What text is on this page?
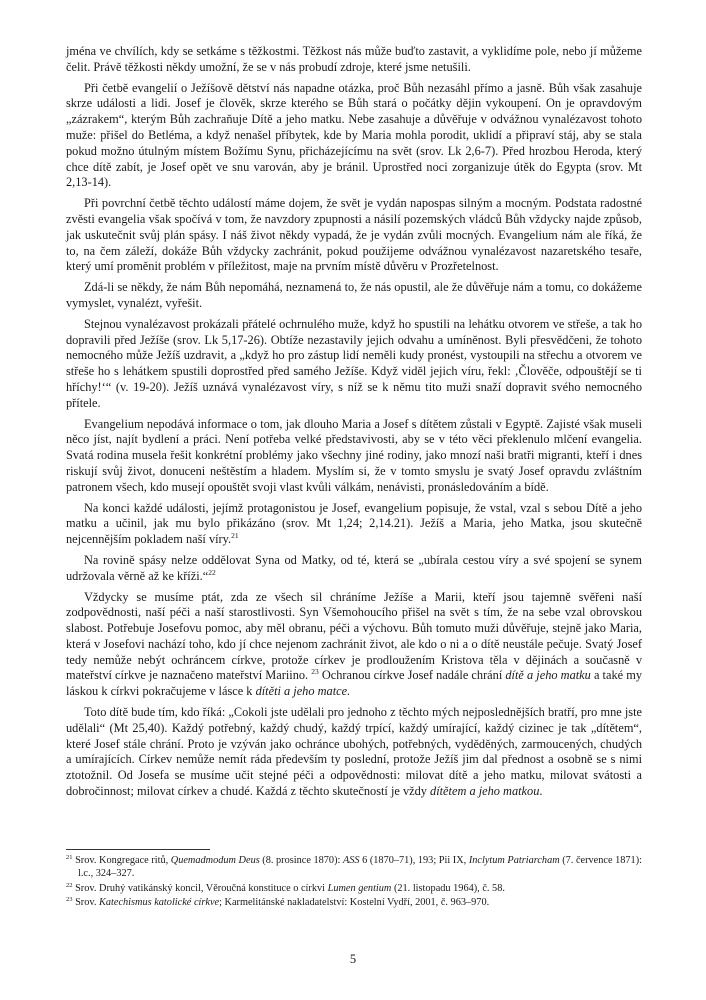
jména ve chvílích, kdy se setkáme s těžkostmi. Těžkost nás může buďto zastavit, a vyklidíme pole, nebo jí můžeme čelit. Právě těžkosti někdy umožní, že se v nás probudí zdroje, které jsme netušili.

Při četbě evangelií o Ježíšově dětství nás napadne otázka, proč Bůh nezasáhl přímo a jasně. Bůh však zasahuje skrze události a lidi. Josef je člověk, skrze kterého se Bůh stará o počátky dějin vykoupení. On je opravdovým „zázrakem“, kterým Bůh zachraňuje Dítě a jeho matku. Nebe zasahuje a důvěřuje v odvážnou vynalézavost tohoto muže: přišel do Betléma, a když nenašel příbytek, kde by Maria mohla porodit, uklidí a připraví stáj, aby se stala pokud možno útulným místem Božímu Synu, přicházejícímu na svět (srov. Lk 2,6-7). Před hrozbou Heroda, který chce dítě zabít, je Josef opět ve snu varován, aby je bránil. Uprostřed noci zorganizuje útěk do Egypta (srov. Mt 2,13-14).

Při povrchní četbě těchto událostí máme dojem, že svět je vydán napospas silným a mocným. Podstata radostné zvěsti evangelia však spočívá v tom, že navzdory zpupnosti a násilí pozemských vládců Bůh vždycky najde způsob, jak uskutečnit svůj plán spásy. I náš život někdy vypadá, že je vydán zvůli mocných. Evangelium nám ale říká, že to, na čem záleží, dokáže Bůh vždycky zachránit, pokud použijeme odvážnou vynalézavost nazaretského tesaře, který umí proměnit problém v příležitost, maje na prvním místě důvěru v Prozřetelnost.

Zdá-li se někdy, že nám Bůh nepomáhá, neznamená to, že nás opustil, ale že důvěřuje nám a tomu, co dokážeme vymyslet, vynalézt, vyřešit.

Stejnou vynalézavost prokázali přátelé ochrnulého muže, když ho spustili na lehátku otvorem ve střeše, a tak ho dopravili před Ježíše (srov. Lk 5,17-26). Obtíže nezastavily jejich odvahu a umíněnost. Byli přesvědčeni, že tohoto nemocného může Ježíš uzdravit, a „když ho pro zástup lidí neměli kudy pronést, vystoupili na střechu a otvorem ve střeše ho s lehátkem spustili doprostřed před samého Ježíše. Když viděl jejich víru, řekl: ‚Člověče, odpouštějí se ti hříchy!‘“ (v. 19-20). Ježíš uznává vynalézavost víry, s níž se k němu tito muži snaží dopravit svého nemocného přítele.

Evangelium nepodává informace o tom, jak dlouho Maria a Josef s dítětem zůstali v Egyptě. Zajisté však museli něco jíst, najít bydlení a práci. Není potřeba velké představivosti, aby se v této věci překlenulo mlčení evangelia. Svatá rodina musela řešit konkrétní problémy jako všechny jiné rodiny, jako mnozí naši bratři migranti, kteří i dnes riskují svůj život, donuceni neštěstím a hladem. Myslím si, že v tomto smyslu je svatý Josef opravdu zvláštním patronem všech, kdo musejí opouštět svoji vlast kvůli válkám, nenávisti, pronásledováním a bídě.

Na konci každé události, jejímž protagonistou je Josef, evangelium popisuje, že vstal, vzal s sebou Dítě a jeho matku a učinil, jak mu bylo přikázáno (srov. Mt 1,24; 2,14.21). Ježíš a Maria, jeho Matka, jsou skutečně nejcennějším pokladem naší víry.$^{21}$

Na rovině spásy nelze oddělovat Syna od Matky, od té, která se „ubírala cestou víry a své spojení se synem udržovala věrně až ke kříži.“$^{22}$

Vždycky se musíme ptát, zda ze všech sil chráníme Ježíše a Marii, kteří jsou tajemně svěřeni naší zodpovědnosti, naší péči a naší starostlivosti. Syn Všemohoucího přišel na svět s tím, že na sebe vzal obrovskou slabost. Potřebuje Josefovu pomoc, aby měl obranu, péči a výchovu. Bůh tomuto muži důvěřuje, stejně jako Maria, která v Josefovi nachází toho, kdo jí chce nejenom zachránit život, ale kdo o ni a o dítě neustále pečuje. Svatý Josef tedy nemůže nebýt ochráncem církve, protože církev je prodloužením Kristova těla v dějinách a současně v mateřství církve je naznačeno mateřství Mariino. $^{23}$ Ochranou církve Josef nadále chrání dítě a jeho matku a také my láskou k církvi pokračujeme v lásce k dítěti a jeho matce.

Toto dítě bude tím, kdo říká: „Cokoli jste udělali pro jednoho z těchto mých nejposlednějších bratří, pro mne jste udělali“ (Mt 25,40). Každý potřebný, každý chudý, každý trpící, každý umírající, každý cizinec je tak „dítětem“, které Josef stále chrání. Proto je vzýván jako ochránce ubohých, potřebných, vyděděných, zarmoucených, chudých a umírajících. Církev nemůže nemít ráda především ty poslední, protože Ježíš jim dal přednost a osobně se s nimi ztotožnil. Od Josefa se musíme učit stejné péči a odpovědnosti: milovat dítě a jeho matku, milovat svátosti a dobročinnost; milovat církev a chudé. Každá z těchto skutečností je vždy dítětem a jeho matkou.

$^{21}$ Srov. Kongregace ritů, Quemadmodum Deus (8. prosince 1870): ASS 6 (1870–71), 193; Pii IX, Inclytum Patriarcham (7. července 1871): l.c., 324–327.
$^{22}$ Srov. Druhý vatikánský koncil, Věroučná konstituce o církvi Lumen gentium (21. listopadu 1964), č. 58.
$^{23}$ Srov. Katechismus katolické církve; Karmelitánské nakladatelství: Kostelní Vydří, 2001, č. 963–970.
5
